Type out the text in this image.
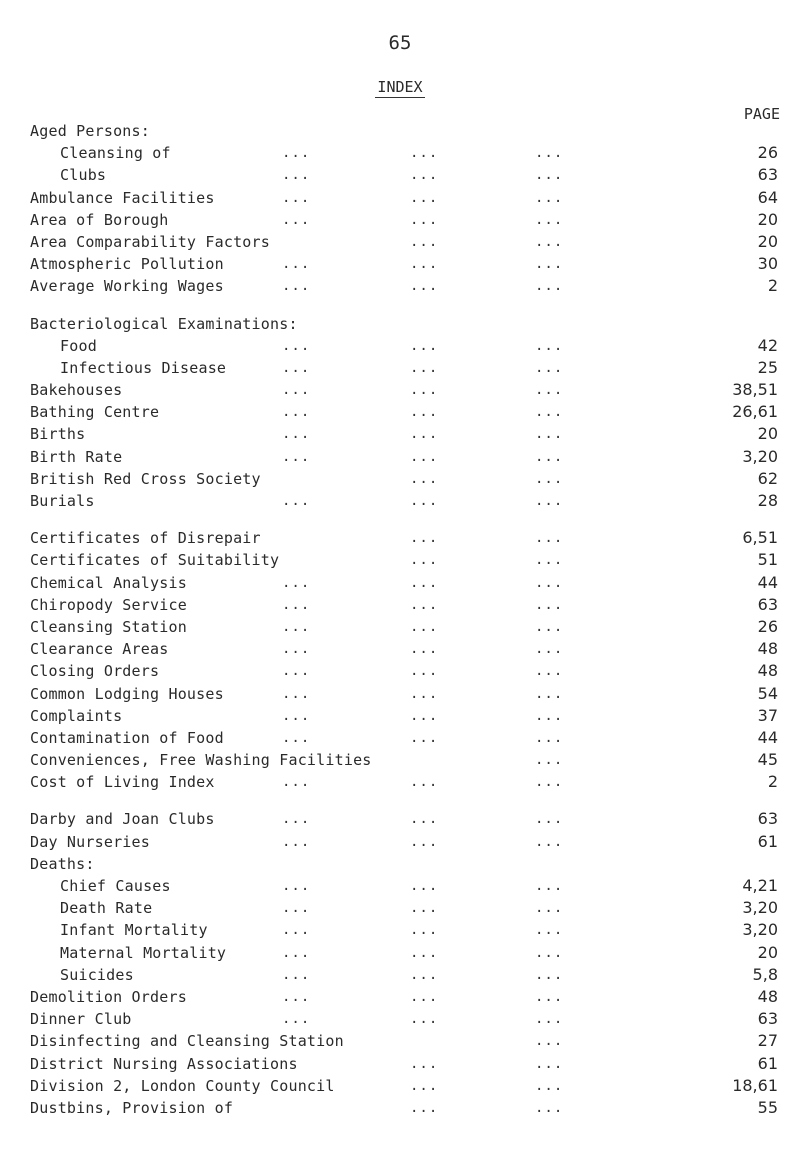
65
INDEX
PAGE
Aged Persons:
Cleansing of	...	...	...	26
Clubs	...	...	...	63
Ambulance Facilities	...	...	...	64
Area of Borough	...	...	...	20
Area Comparability Factors	...	...	20
Atmospheric Pollution	...	...	...	30
Average Working Wages	...	...	...	2
Bacteriological Examinations:
Food	...	...	...	42
Infectious Disease	...	...	...	25
Bakehouses	...	...	...	38,51
Bathing Centre	...	...	...	26,61
Births	...	...	...	20
Birth Rate	...	...	...	3,20
British Red Cross Society	...	...	62
Burials	...	...	...	28
Certificates of Disrepair	...	...	6,51
Certificates of Suitability	...	...	51
Chemical Analysis	...	...	...	44
Chiropody Service	...	...	...	63
Cleansing Station	...	...	...	26
Clearance Areas	...	...	...	48
Closing Orders	...	...	...	48
Common Lodging Houses	...	...	...	54
Complaints	...	...	...	37
Contamination of Food	...	...	...	44
Conveniences, Free Washing Facilities	...	45
Cost of Living Index	...	...	...	2
Darby and Joan Clubs	...	...	...	63
Day Nurseries	...	...	...	61
Deaths:
Chief Causes	...	...	...	4,21
Death Rate	...	...	...	3,20
Infant Mortality	...	...	...	3,20
Maternal Mortality	...	...	...	20
Suicides	...	...	...	5,8
Demolition Orders	...	...	...	48
Dinner Club	...	...	...	63
Disinfecting and Cleansing Station	...	27
District Nursing Associations	...	...	61
Division 2, London County Council	...	...	18,61
Dustbins, Provision of	...	...	55
